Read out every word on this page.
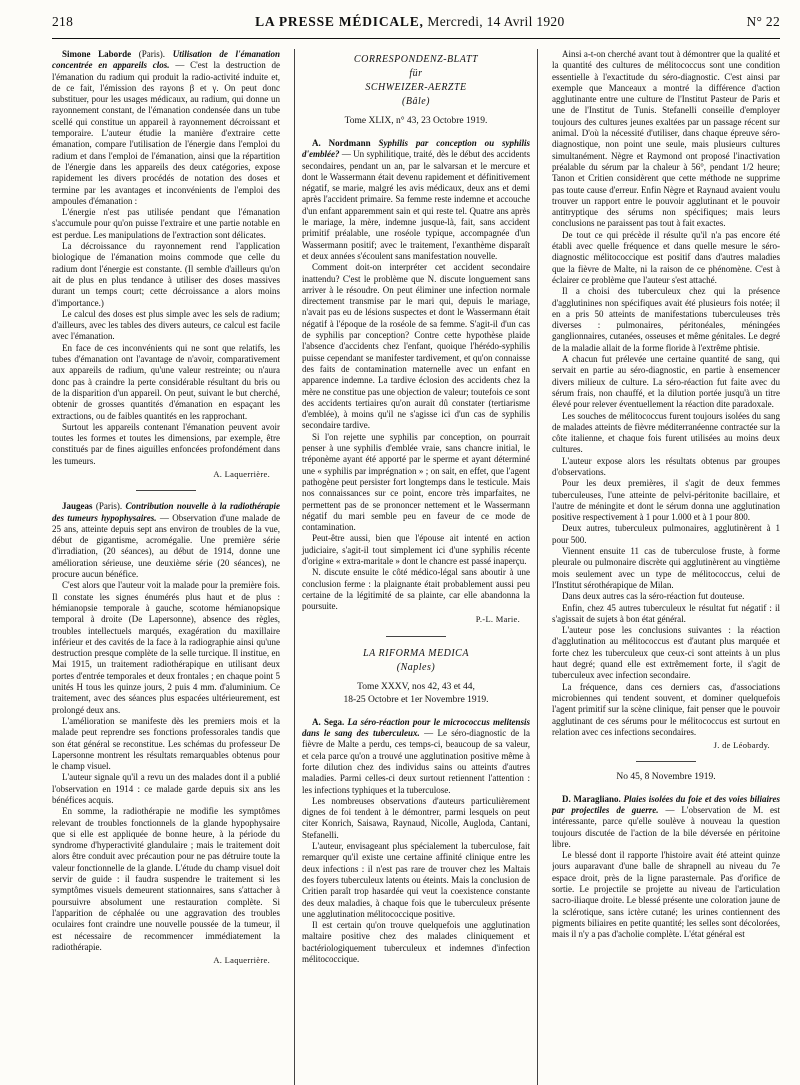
218	LA PRESSE MÉDICALE, Mercredi, 14 Avril 1920	N° 22

Simone Laborde (Paris). Utilisation de l'émanation concentrée en appareils clos. — C'est la destruction de l'émanation du radium qui produit la radio-activité induite et, de ce fait, l'émission des rayons β et γ. On peut donc substituer, pour les usages médicaux, au radium, qui donne un rayonnement constant, de l'émanation condensée dans un tube scellé qui constitue un appareil à rayonnement décroissant et temporaire. L'auteur étudie la manière d'extraire cette émanation, compare l'utilisation de l'énergie dans l'emploi du radium et dans l'emploi de l'émanation, ainsi que la répartition de l'énergie dans les appareils des deux catégories, expose rapidement les divers procédés de notation des doses et termine par les avantages et inconvénients de l'emploi des ampoules d'émanation :

L'énergie n'est pas utilisée pendant que l'émanation s'accumule pour qu'on puisse l'extraire et une partie notable en est perdue. Les manipulations de l'extraction sont délicates.

La décroissance du rayonnement rend l'application biologique de l'émanation moins commode que celle du radium dont l'énergie est constante. (Il semble d'ailleurs qu'on ait de plus en plus tendance à utiliser des doses massives durant un temps court; cette décroissance a alors moins d'importance.)

Le calcul des doses est plus simple avec les sels de radium; d'ailleurs, avec les tables des divers auteurs, ce calcul est facile avec l'émanation.

En face de ces inconvénients qui ne sont que relatifs, les tubes d'émanation ont l'avantage de n'avoir, comparativement aux appareils de radium, qu'une valeur restreinte; ou n'aura donc pas à craindre la perte considérable résultant du bris ou de la disparition d'un appareil. On peut, suivant le but cherché, obtenir de grosses quantités d'émanation en espaçant les extractions, ou de faibles quantités en les rapprochant.

Surtout les appareils contenant l'émanation peuvent avoir toutes les formes et toutes les dimensions, par exemple, être constitués par de fines aiguilles enfoncées profondément dans les tumeurs.

A. Laquerrière.

Jaugeas (Paris). Contribution nouvelle à la radiothérapie des tumeurs hypophysaires. — Observation d'une malade de 25 ans, atteinte depuis sept ans environ de troubles de la vue, début de gigantisme, acromégalie. Une première série d'irradiation, (20 séances), au début de 1914, donne une amélioration sérieuse, une deuxième série (20 séances), ne procure aucun bénéfice.

C'est alors que l'auteur voit la malade pour la première fois. Il constate les signes énumérés plus haut et de plus : hémianopsie temporale à gauche, scotome hémianopsique temporal à droite (De Lapersonne), absence des règles, troubles intellectuels marqués, exagération du maxillaire inférieur et des cavités de la face à la radiographie ainsi qu'une destruction presque complète de la selle turcique. Il institue, en Mai 1915, un traitement radiothérapique en utilisant deux portes d'entrée temporales et deux frontales ; en chaque point 5 unités H tous les quinze jours, 2 puis 4 mm. d'aluminium. Ce traitement, avec des séances plus espacées ultérieurement, est prolongé deux ans.

L'amélioration se manifeste dès les premiers mois et la malade peut reprendre ses fonctions professorales tandis que son état général se reconstitue. Les schémas du professeur De Lapersonne montrent les résultats remarquables obtenus pour le champ visuel.

L'auteur signale qu'il a revu un des malades dont il a publié l'observation en 1914 : ce malade garde depuis six ans les bénéfices acquis.

En somme, la radiothérapie ne modifie les symptômes relevant de troubles fonctionnels de la glande hypophysaire que si elle est appliquée de bonne heure, à la période du syndrome d'hyperactivité glandulaire ; mais le traitement doit alors être conduit avec précaution pour ne pas détruire toute la valeur fonctionnelle de la glande. L'étude du champ visuel doit servir de guide : il faudra suspendre le traitement si les symptômes visuels demeurent stationnaires, sans s'attacher à poursuivre absolument une restauration complète. Si l'apparition de céphalée ou une aggravation des troubles oculaires font craindre une nouvelle poussée de la tumeur, il est nécessaire de recommencer immédiatement la radiothérapie.

A. Laquerrière.
CORRESPONDENZ-BLATT
für
SCHWEIZER-AERZTE
(Bâle)
Tome XLIX, n° 43, 23 Octobre 1919.

A. Nordmann Syphilis par conception ou syphilis d'emblée? — Un syphilitique, traité, dès le début des accidents secondaires, pendant un an, par le salvarsan et le mercure et dont le Wassermann était devenu rapidement et définitivement négatif, se marie, malgré les avis médicaux, deux ans et demi après l'accident primaire. Sa femme reste indemne et accouche d'un enfant apparemment sain et qui reste tel. Quatre ans après le mariage, la mère, indemne jusque-là, fait, sans accident primitif préalable, une roséole typique, accompagnée d'un Wassermann positif; avec le traitement, l'exanthème disparaît et deux années s'écoulent sans manifestation nouvelle.

Comment doit-on interpréter cet accident secondaire inattendu? C'est le problème que N. discute longuement sans arriver à le résoudre. On peut éliminer une infection normale directement transmise par le mari qui, depuis le mariage, n'avait pas eu de lésions suspectes et dont le Wassermann était négatif à l'époque de la roséole de sa femme. S'agit-il d'un cas de syphilis par conception? Contre cette hypothèse plaide l'absence d'accidents chez l'enfant, quoique l'hérédo-syphilis puisse cependant se manifester tardivement, et qu'on connaisse des faits de contamination maternelle avec un enfant en apparence indemne. La tardive éclosion des accidents chez la mère ne constitue pas une objection de valeur; toutefois ce sont des accidents tertiaires qu'on aurait dû constater (tertiarisme d'emblée), à moins qu'il ne s'agisse ici d'un cas de syphilis secondaire tardive.

Si l'on rejette une syphilis par conception, on pourrait penser à une syphilis d'emblée vraie, sans chancre initial, le tréponème ayant été apporté par le sperme et ayant déterminé une « syphilis par imprégnation » ; on sait, en effet, que l'agent pathogène peut persister fort longtemps dans le testicule. Mais nos connaissances sur ce point, encore très imparfaites, ne permettent pas de se prononcer nettement et le Wassermann négatif du mari semble peu en faveur de ce mode de contamination.

Peut-être aussi, bien que l'épouse ait intenté en action judiciaire, s'agit-il tout simplement ici d'une syphilis récente d'origine « extra-maritale » dont le chancre est passé inaperçu.

N. discute ensuite le côté médico-légal sans aboutir à une conclusion ferme : la plaignante était probablement aussi peu certaine de la légitimité de sa plainte, car elle abandonna la poursuite.

P.-L. Marie.
LA RIFORMA MEDICA
(Naples)
Tome XXXV, nos 42, 43 et 44,
18-25 Octobre et 1er Novembre 1919.

A. Sega. La séro-réaction pour le micrococcus melitensis dans le sang des tuberculeux. — Le séro-diagnostic de la fièvre de Malte a perdu, ces temps-ci, beaucoup de sa valeur, et cela parce qu'on a trouvé une agglutination positive même à forte dilution chez des individus sains ou atteints d'autres maladies. Parmi celles-ci deux surtout retiennent l'attention : les infections typhiques et la tuberculose.

Les nombreuses observations d'auteurs particulièrement dignes de foi tendent à le démontrer, parmi lesquels on peut citer Konrich, Saisawa, Raynaud, Nicolle, Augloda, Cantani, Stefanelli.

L'auteur, envisageant plus spécialement la tuberculose, fait remarquer qu'il existe une certaine affinité clinique entre les deux infections : il n'est pas rare de trouver chez les Maltais des foyers tuberculeux latents ou éteints. Mais la conclusion de Critien paraît trop hasardée qui veut la coexistence constante des deux maladies, à chaque fois que le tuberculeux présente une agglutination mélitococcique positive.

Il est certain qu'on trouve quelquefois une agglutination maltaire positive chez des malades cliniquement et bactériologiquement tuberculeux et indemnes d'infection mélitococcique.

Ainsi a-t-on cherché avant tout à démontrer que la qualité et la quantité des cultures de mélitococcus sont une condition essentielle à l'exactitude du séro-diagnostic. C'est ainsi par exemple que Manceaux a montré la différence d'action agglutinante entre une culture de l'Institut Pasteur de Paris et une de l'Institut de Tunis. Stefanelli conseille d'employer toujours des cultures jeunes exaltées par un passage récent sur animal. D'où la nécessité d'utiliser, dans chaque épreuve séro-diagnostique, non point une seule, mais plusieurs cultures simultanément. Nègre et Raymond ont proposé l'inactivation préalable du sérum par la chaleur à 56°, pendant 1/2 heure; Tanon et Critien considèrent que cette méthode ne supprime pas toute cause d'erreur. Enfin Nègre et Raynaud avaient voulu trouver un rapport entre le pouvoir agglutinant et le pouvoir antitryptique des sérums non spécifiques; mais leurs conclusions ne paraissent pas tout à fait exactes.

De tout ce qui précède il résulte qu'il n'a pas encore été établi avec quelle fréquence et dans quelle mesure le séro-diagnostic mélitococcique est positif dans d'autres maladies que la fièvre de Malte, ni la raison de ce phénomène. C'est à éclairer ce problème que l'auteur s'est attaché.

Il a choisi des tuberculeux chez qui la présence d'agglutinines non spécifiques avait été plusieurs fois notée; il en a pris 50 atteints de manifestations tuberculeuses très diverses : pulmonaires, péritonéales, méningées ganglionnaires, cutanées, osseuses et même génitales. Le degré de la maladie allait de la forme floride à l'extrême phtisie.

A chacun fut prélevée une certaine quantité de sang, qui servait en partie au séro-diagnostic, en partie à ensemencer divers milieux de culture. La séro-réaction fut faite avec du sérum frais, non chauffé, et la dilution portée jusqu'à un titre élevé pour relever éventuellement la réaction dite paradoxale.

Les souches de mélitococcus furent toujours isolées du sang de malades atteints de fièvre méditerranéenne contractée sur la côte italienne, et chaque fois furent utilisées au moins deux cultures.

L'auteur expose alors les résultats obtenus par groupes d'observations.

Pour les deux premières, il s'agit de deux femmes tuberculeuses, l'une atteinte de pelvi-péritonite bacillaire, et l'autre de méningite et dont le sérum donna une agglutination positive respectivement à 1 pour 1.000 et à 1 pour 800.

Deux autres, tuberculeux pulmonaires, agglutinèrent à 1 pour 500.

Viennent ensuite 11 cas de tuberculose fruste, à forme pleurale ou pulmonaire discrète qui agglutinèrent au vingtième mois seulement avec un type de mélitococcus, celui de l'Institut sérothérapique de Milan.

Dans deux autres cas la séro-réaction fut douteuse.

Enfin, chez 45 autres tuberculeux le résultat fut négatif : il s'agissait de sujets à bon état général.

L'auteur pose les conclusions suivantes : la réaction d'agglutination au mélitococcus est d'autant plus marquée et forte chez les tuberculeux que ceux-ci sont atteints à un plus haut degré; quand elle est extrêmement forte, il s'agit de tuberculeux avec infection secondaire.

La fréquence, dans ces derniers cas, d'associations microbiennes qui tendent souvent, et dominer quelquefois l'agent primitif sur la scène clinique, fait penser que le pouvoir agglutinant de ces sérums pour le mélitococcus est surtout en relation avec ces infections secondaires.

J. de Léobardy.
No 45, 8 Novembre 1919.

D. Maragliano. Plaies isolées du foie et des voies biliaires par projectiles de guerre. — L'observation de M. est intéressante, parce qu'elle soulève à nouveau la question toujours discutée de l'action de la bile déversée en péritoine libre.

Le blessé dont il rapporte l'histoire avait été atteint quinze jours auparavant d'une balle de shrapnell au niveau du 7e espace droit, près de la ligne parasternale. Pas d'orifice de sortie. Le projectile se projette au niveau de l'articulation sacro-iliaque droite. Le blessé présente une coloration jaune de la sclérotique, sans ictère cutané; les urines contiennent des pigments biliaires en petite quantité; les selles sont décolorées, mais il n'y a pas d'acholie complète. L'état général est
